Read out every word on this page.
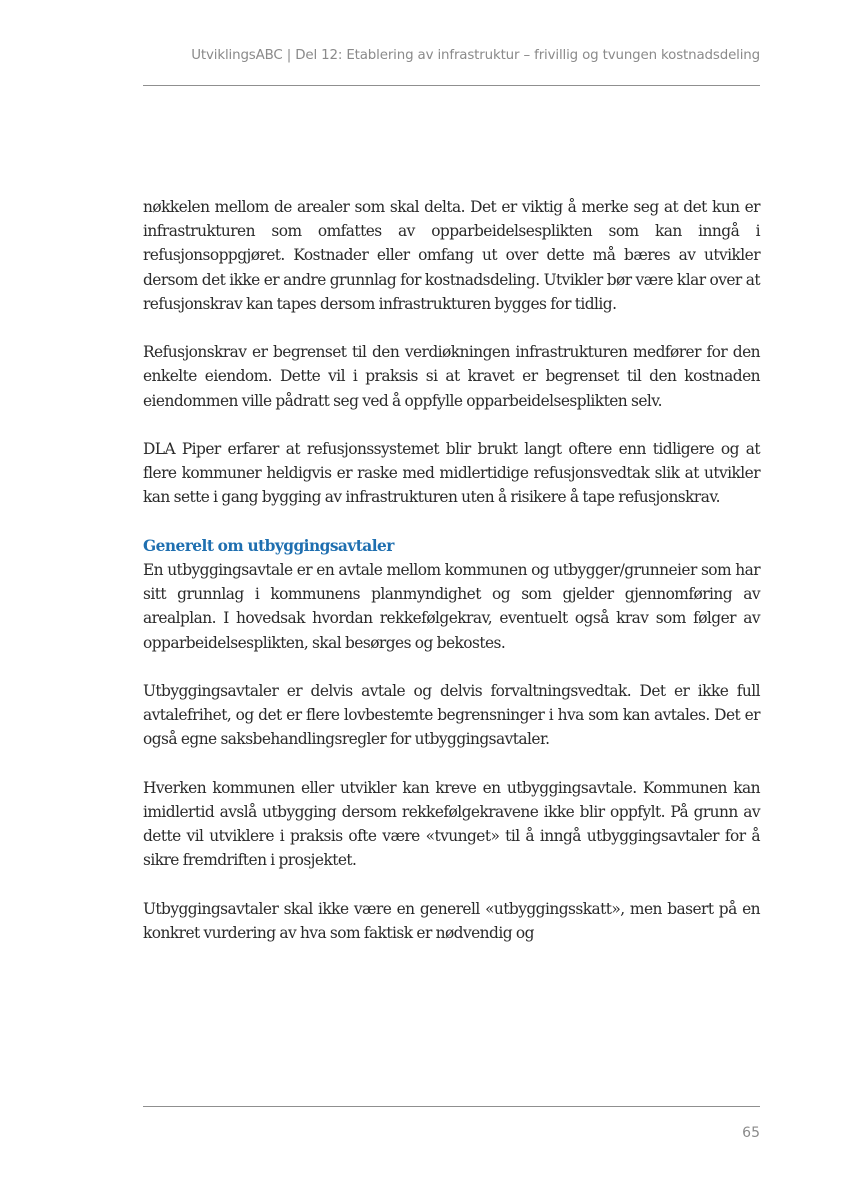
UtviklingsABC | Del 12: Etablering av infrastruktur – frivillig og tvungen kostnadsdeling

nøkkelen mellom de arealer som skal delta. Det er viktig å merke seg at det kun er infrastrukturen som omfattes av opparbeidelsesplikten som kan inngå i refusjonsoppgjøret. Kostnader eller omfang ut over dette må bæres av utvikler dersom det ikke er andre grunnlag for kostnadsdeling. Utvikler bør være klar over at refusjonskrav kan tapes dersom infrastrukturen bygges for tidlig.

Refusjonskrav er begrenset til den verdiøkningen infrastrukturen medfører for den enkelte eiendom. Dette vil i praksis si at kravet er begrenset til den kostnaden eiendommen ville pådratt seg ved å oppfylle opparbeidelsesplikten selv.

DLA Piper erfarer at refusjonssystemet blir brukt langt oftere enn tidligere og at flere kommuner heldigvis er raske med midlertidige refusjonsvedtak slik at utvikler kan sette i gang bygging av infrastrukturen uten å risikere å tape refusjonskrav.

Generelt om utbyggingsavtaler

En utbyggingsavtale er en avtale mellom kommunen og utbygger/grunneier som har sitt grunnlag i kommunens planmyndighet og som gjelder gjennomføring av arealplan. I hovedsak hvordan rekkefølgekrav, eventuelt også krav som følger av opparbeidelsesplikten, skal besørges og bekostes.

Utbyggingsavtaler er delvis avtale og delvis forvaltningsvedtak. Det er ikke full avtalefrihet, og det er flere lovbestemte begrensninger i hva som kan avtales. Det er også egne saksbehandlingsregler for utbyggingsavtaler.

Hverken kommunen eller utvikler kan kreve en utbyggingsavtale. Kommunen kan imidlertid avslå utbygging dersom rekkefølgekravene ikke blir oppfylt. På grunn av dette vil utviklere i praksis ofte være «tvunget» til å inngå utbyggingsavtaler for å sikre fremdriften i prosjektet.

Utbyggingsavtaler skal ikke være en generell «utbyggingsskatt», men basert på en konkret vurdering av hva som faktisk er nødvendig og

65
